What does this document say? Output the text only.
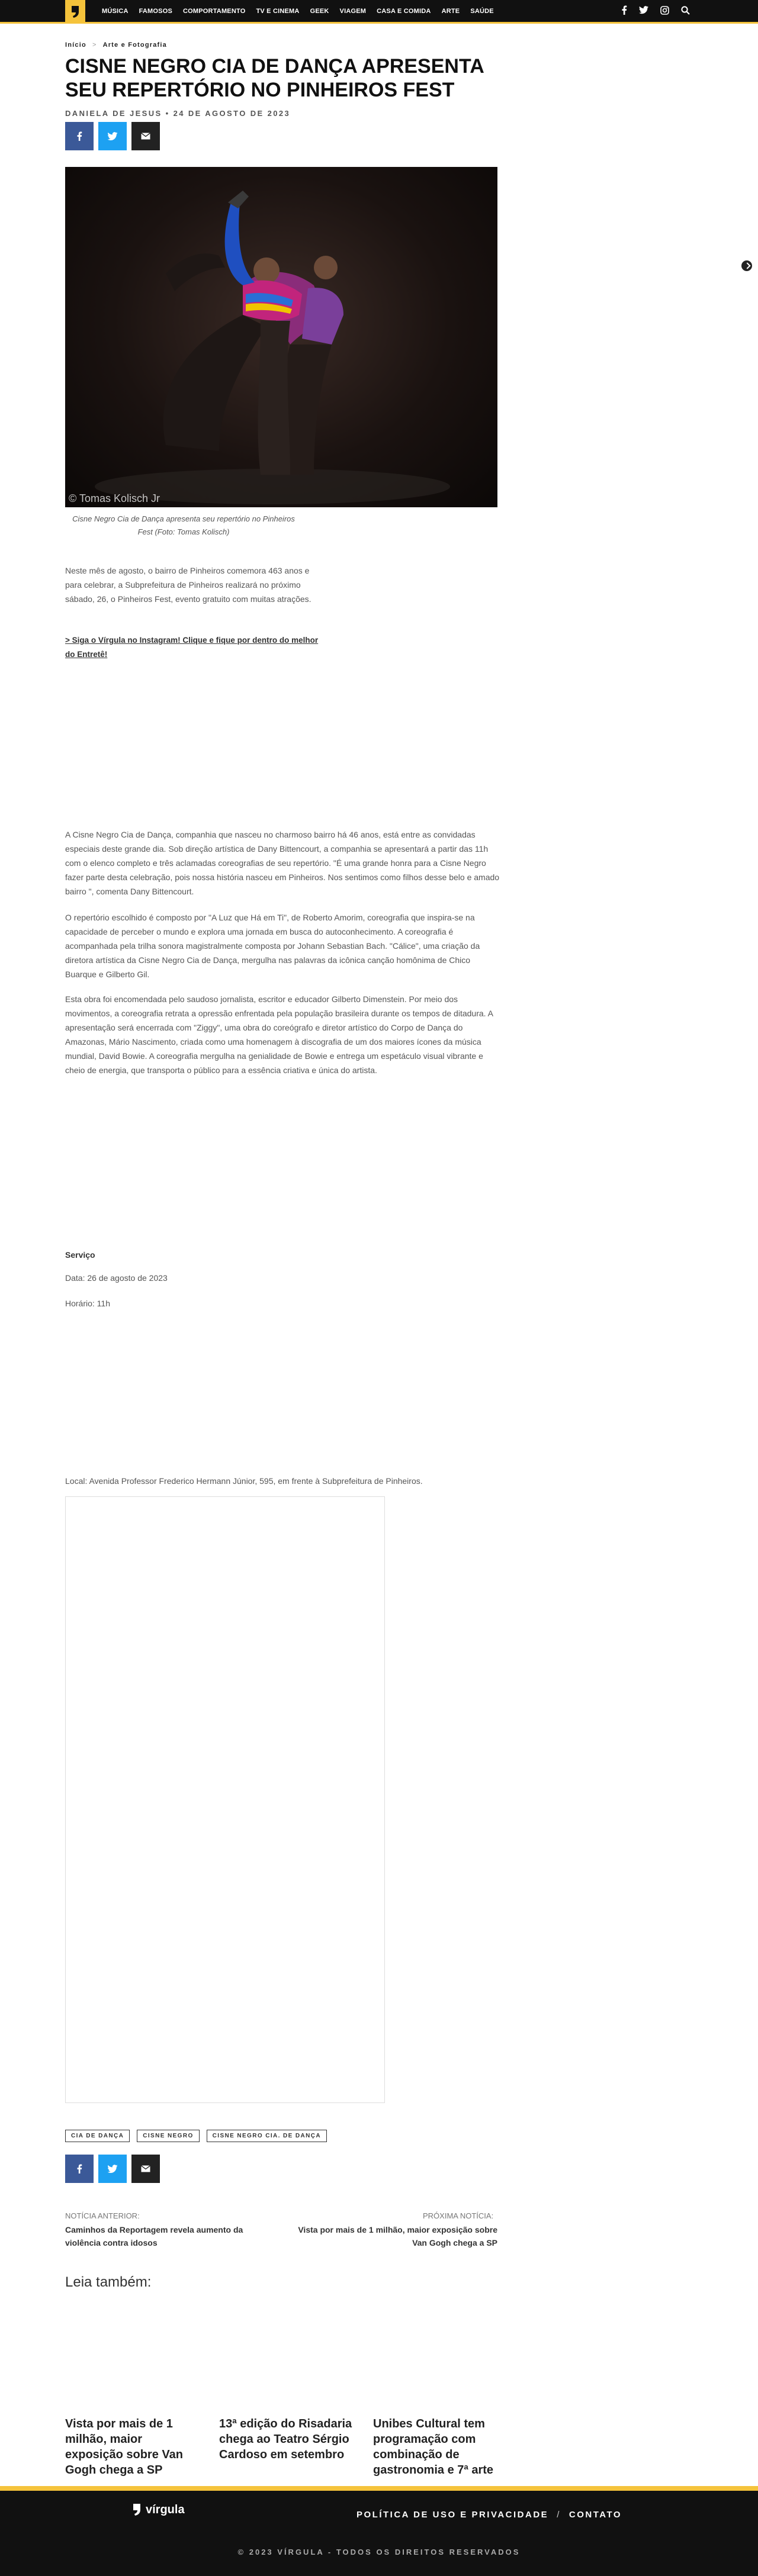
MÚSICA FAMOSOS COMPORTAMENTO TV E CINEMA GEEK VIAGEM CASA E COMIDA ARTE SAÚDE
Início > Arte e Fotografia
CISNE NEGRO CIA DE DANÇA APRESENTA SEU REPERTÓRIO NO PINHEIROS FEST
DANIELA DE JESUS • 24 DE AGOSTO DE 2023
© Tomas Kolisch Jr
Cisne Negro Cia de Dança apresenta seu repertório no Pinheiros Fest (Foto: Tomas Kolisch)

Neste mês de agosto, o bairro de Pinheiros comemora 463 anos e para celebrar, a Subprefeitura de Pinheiros realizará no próximo sábado, 26, o Pinheiros Fest, evento gratuito com muitas atrações.

> Siga o Vírgula no Instagram! Clique e fique por dentro do melhor do Entretê!

A Cisne Negro Cia de Dança, companhia que nasceu no charmoso bairro há 46 anos, está entre as convidadas especiais deste grande dia. Sob direção artística de Dany Bittencourt, a companhia se apresentará a partir das 11h com o elenco completo e três aclamadas coreografias de seu repertório. "É uma grande honra para a Cisne Negro fazer parte desta celebração, pois nossa história nasceu em Pinheiros. Nos sentimos como filhos desse belo e amado bairro ", comenta Dany Bittencourt.

O repertório escolhido é composto por "A Luz que Há em Ti", de Roberto Amorim, coreografia que inspira-se na capacidade de perceber o mundo e explora uma jornada em busca do autoconhecimento. A coreografia é acompanhada pela trilha sonora magistralmente composta por Johann Sebastian Bach. "Cálice", uma criação da diretora artística da Cisne Negro Cia de Dança, mergulha nas palavras da icônica canção homônima de Chico Buarque e Gilberto Gil.

Esta obra foi encomendada pelo saudoso jornalista, escritor e educador Gilberto Dimenstein. Por meio dos movimentos, a coreografia retrata a opressão enfrentada pela população brasileira durante os tempos de ditadura. A apresentação será encerrada com "Ziggy", uma obra do coreógrafo e diretor artístico do Corpo de Dança do Amazonas, Mário Nascimento, criada como uma homenagem à discografia de um dos maiores ícones da música mundial, David Bowie. A coreografia mergulha na genialidade de Bowie e entrega um espetáculo visual vibrante e cheio de energia, que transporta o público para a essência criativa e única do artista.

Serviço

Data: 26 de agosto de 2023

Horário: 11h

Local: Avenida Professor Frederico Hermann Júnior, 595, em frente à Subprefeitura de Pinheiros.

CIA DE DANÇA	CISNE NEGRO	CISNE NEGRO CIA. DE DANÇA
NOTÍCIA ANTERIOR:
Caminhos da Reportagem revela aumento da violência contra idosos
PRÓXIMA NOTÍCIA:
Vista por mais de 1 milhão, maior exposição sobre Van Gogh chega a SP
Leia também:
Vista por mais de 1 milhão, maior exposição sobre Van Gogh chega a SP
13ª edição do Risadaria chega ao Teatro Sérgio Cardoso em setembro
Unibes Cultural tem programação com combinação de gastronomia e 7ª arte
vírgula	POLÍTICA DE USO E PRIVACIDADE / CONTATO
© 2023 VÍRGULA - TODOS OS DIREITOS RESERVADOS
